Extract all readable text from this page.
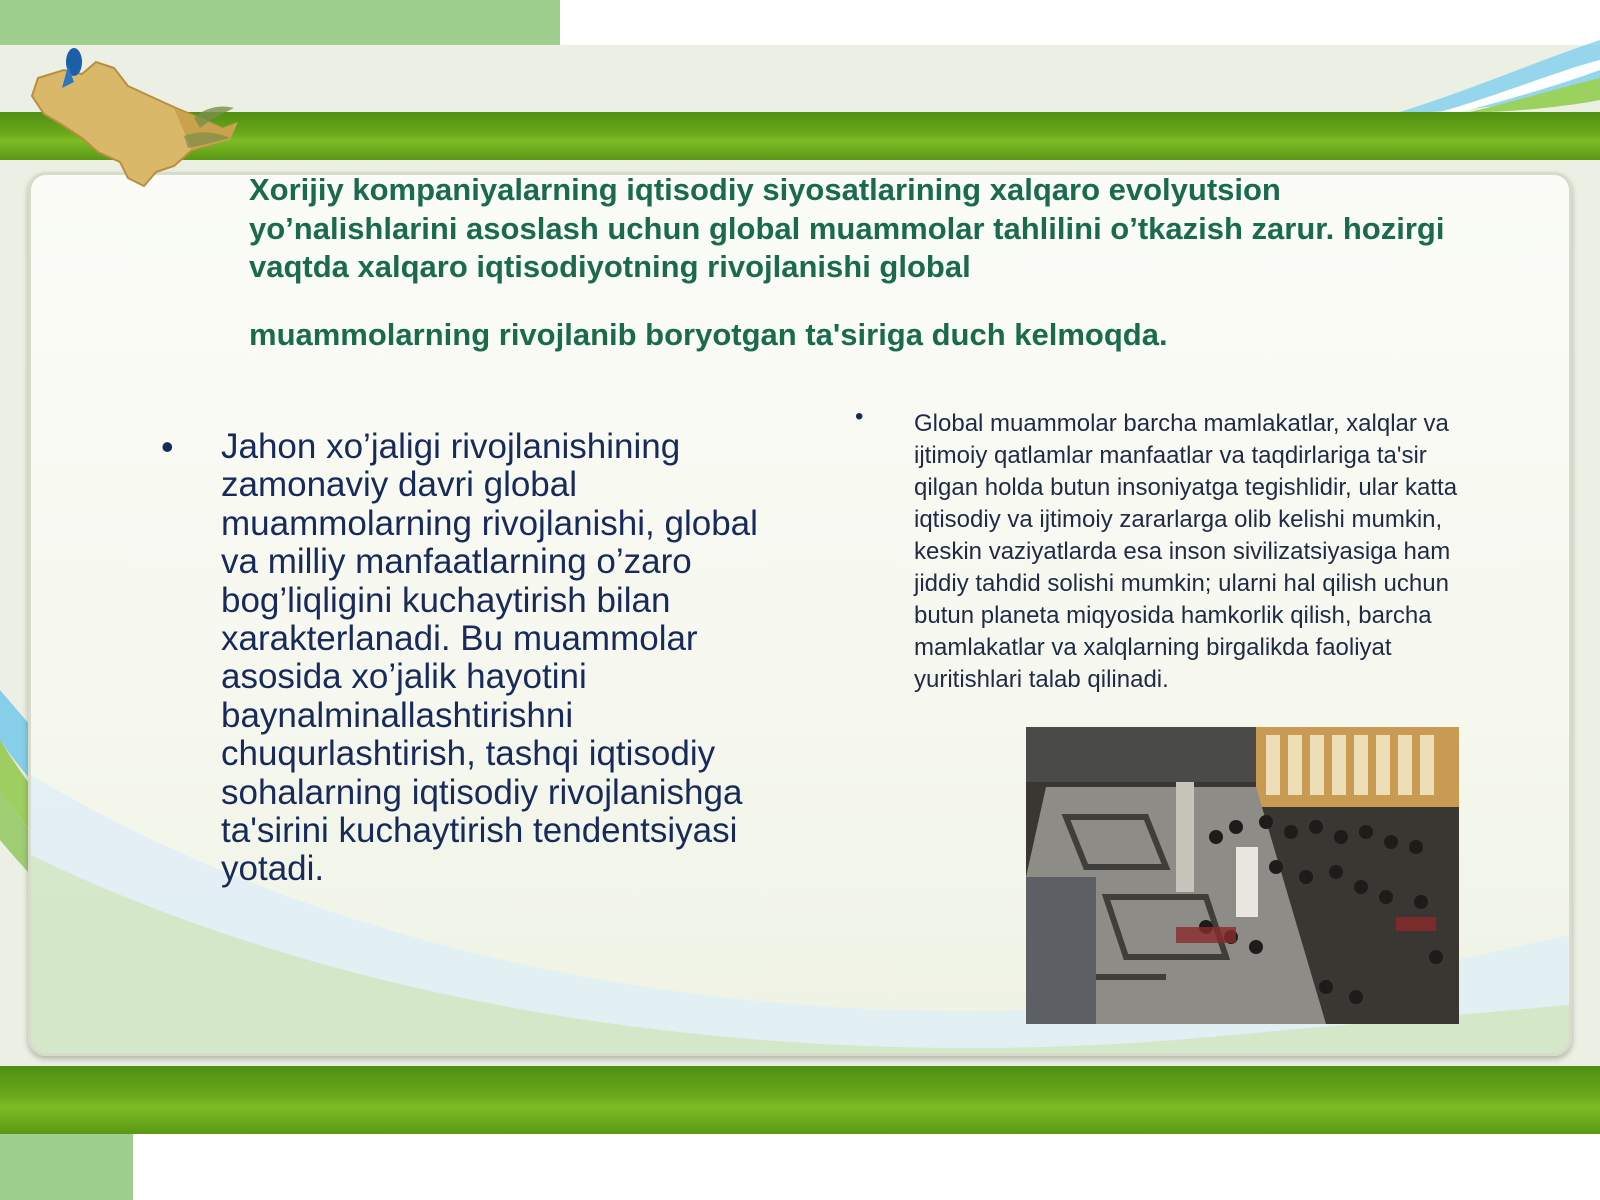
Xorijiy kompaniyalarning iqtisodiy siyosatlarining xalqaro evolyutsion yo’nalishlarini asoslash uchun global muammolar tahlilini o’tkazish zarur. hozirgi vaqtda xalqaro iqtisodiyotning rivojlanishi global

muammolarning rivojlanib boryotgan ta'siriga duch kelmoqda.

• Jahon xo’jaligi rivojlanishining zamonaviy davri global muammolarning rivojlanishi, global va milliy manfaatlarning o’zaro bog’liqligini kuchaytirish bilan xarakterlanadi. Bu muammolar asosida xo’jalik hayotini baynalminallashtirishni chuqurlashtirish, tashqi iqtisodiy sohalarning iqtisodiy rivojlanishga ta'sirini kuchaytirish tendentsiyasi yotadi.

• Global muammolar barcha mamlakatlar, xalqlar va ijtimoiy qatlamlar manfaatlar va taqdirlariga ta'sir qilgan holda butun insoniyatga tegishlidir, ular katta iqtisodiy va ijtimoiy zararlarga olib kelishi mumkin, keskin vaziyatlarda esa inson sivilizatsiyasiga ham jiddiy tahdid solishi mumkin; ularni hal qilish uchun butun planeta miqyosida hamkorlik qilish, barcha mamlakatlar va xalqlarning birgalikda faoliyat yuritishlari talab qilinadi.
